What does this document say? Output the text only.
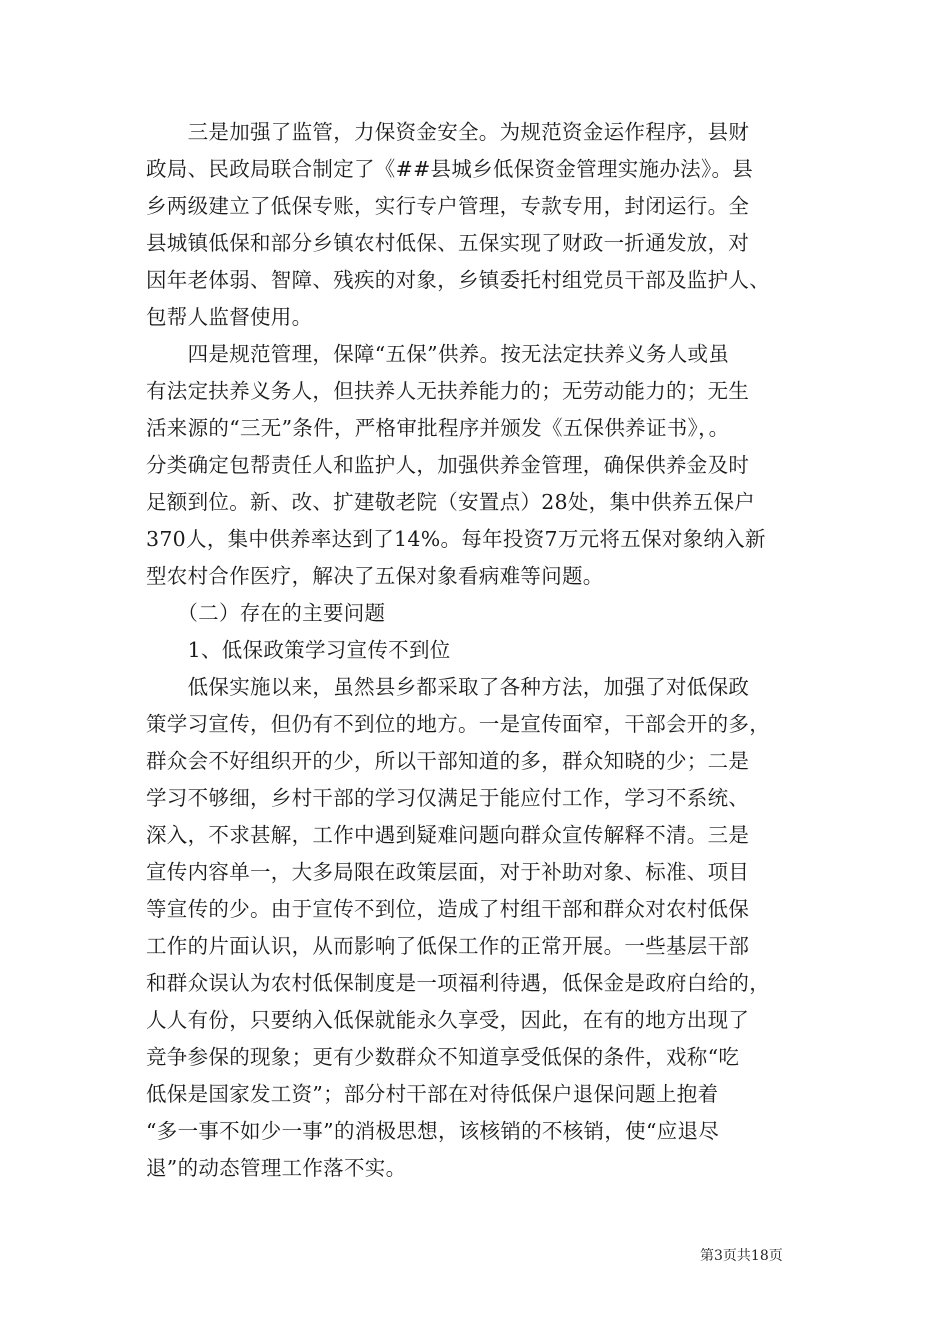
　　三是加强了监管，力保资金安全。为规范资金运作程序，县财
政局、民政局联合制定了《##县城乡低保资金管理实施办法》。县
乡两级建立了低保专账，实行专户管理，专款专用，封闭运行。全
县城镇低保和部分乡镇农村低保、五保实现了财政一折通发放，对
因年老体弱、智障、残疾的对象，乡镇委托村组党员干部及监护人、
包帮人监督使用。
　　四是规范管理，保障“五保”供养。按无法定扶养义务人或虽
有法定扶养义务人，但扶养人无扶养能力的；无劳动能力的；无生
活来源的“三无”条件，严格审批程序并颁发《五保供养证书》，。
分类确定包帮责任人和监护人，加强供养金管理，确保供养金及时
足额到位。新、改、扩建敬老院（安置点）28处，集中供养五保户
370人，集中供养率达到了14%。每年投资7万元将五保对象纳入新
型农村合作医疗，解决了五保对象看病难等问题。
　　（二）存在的主要问题
　　1、低保政策学习宣传不到位
　　低保实施以来，虽然县乡都采取了各种方法，加强了对低保政
策学习宣传，但仍有不到位的地方。一是宣传面窄，干部会开的多，
群众会不好组织开的少，所以干部知道的多，群众知晓的少；二是
学习不够细，乡村干部的学习仅满足于能应付工作，学习不系统、
深入，不求甚解，工作中遇到疑难问题向群众宣传解释不清。三是
宣传内容单一，大多局限在政策层面，对于补助对象、标准、项目
等宣传的少。由于宣传不到位，造成了村组干部和群众对农村低保
工作的片面认识，从而影响了低保工作的正常开展。一些基层干部
和群众误认为农村低保制度是一项福利待遇，低保金是政府白给的，
人人有份，只要纳入低保就能永久享受，因此，在有的地方出现了
竞争参保的现象；更有少数群众不知道享受低保的条件，戏称“吃
低保是国家发工资”；部分村干部在对待低保户退保问题上抱着
“多一事不如少一事”的消极思想，该核销的不核销，使“应退尽
退”的动态管理工作落不实。
第3页共18页
